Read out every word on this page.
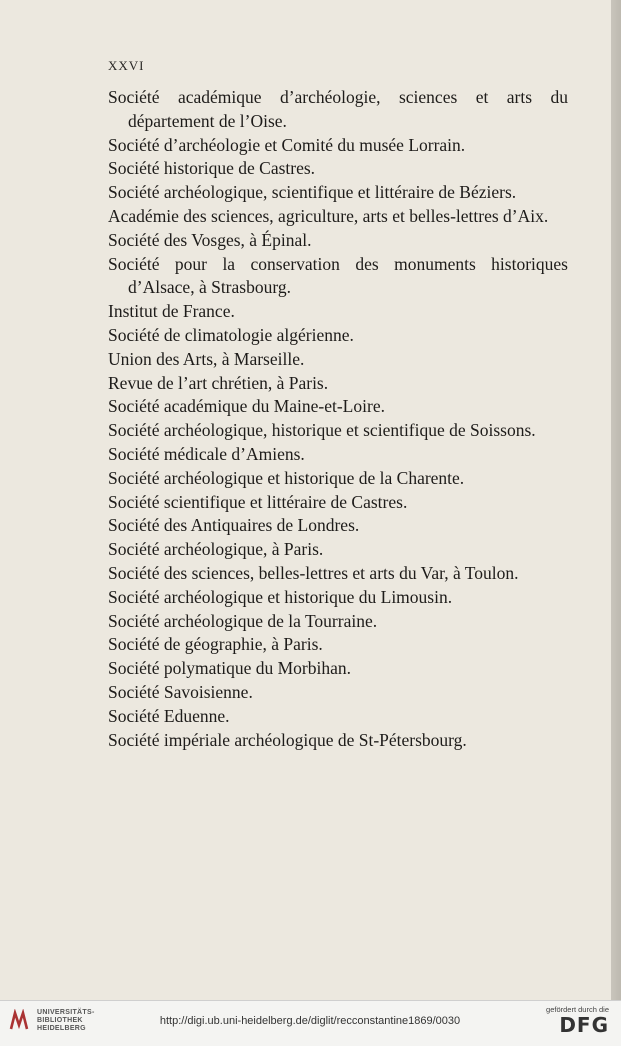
XXVI
Société académique d’archéologie, sciences et arts du département de l’Oise.
Société d’archéologie et Comité du musée Lorrain.
Société historique de Castres.
Société archéologique, scientifique et littéraire de Béziers.
Académie des sciences, agriculture, arts et belles-lettres d’Aix.
Société des Vosges, à Épinal.
Société pour la conservation des monuments historiques d’Alsace, à Strasbourg.
Institut de France.
Société de climatologie algérienne.
Union des Arts, à Marseille.
Revue de l’art chrétien, à Paris.
Société académique du Maine-et-Loire.
Société archéologique, historique et scientifique de Soissons.
Société médicale d’Amiens.
Société archéologique et historique de la Charente.
Société scientifique et littéraire de Castres.
Société des Antiquaires de Londres.
Société archéologique, à Paris.
Société des sciences, belles-lettres et arts du Var, à Toulon.
Société archéologique et historique du Limousin.
Société archéologique de la Tourraine.
Société de géographie, à Paris.
Société polymatique du Morbihan.
Société Savoisienne.
Société Eduenne.
Société impériale archéologique de St-Pétersbourg.
UNIVERSITÄTS-
BIBLIOTHEK
HEIDELBERG
http://digi.ub.uni-heidelberg.de/diglit/recconstantine1869/0030
gefördert durch die
DFG
